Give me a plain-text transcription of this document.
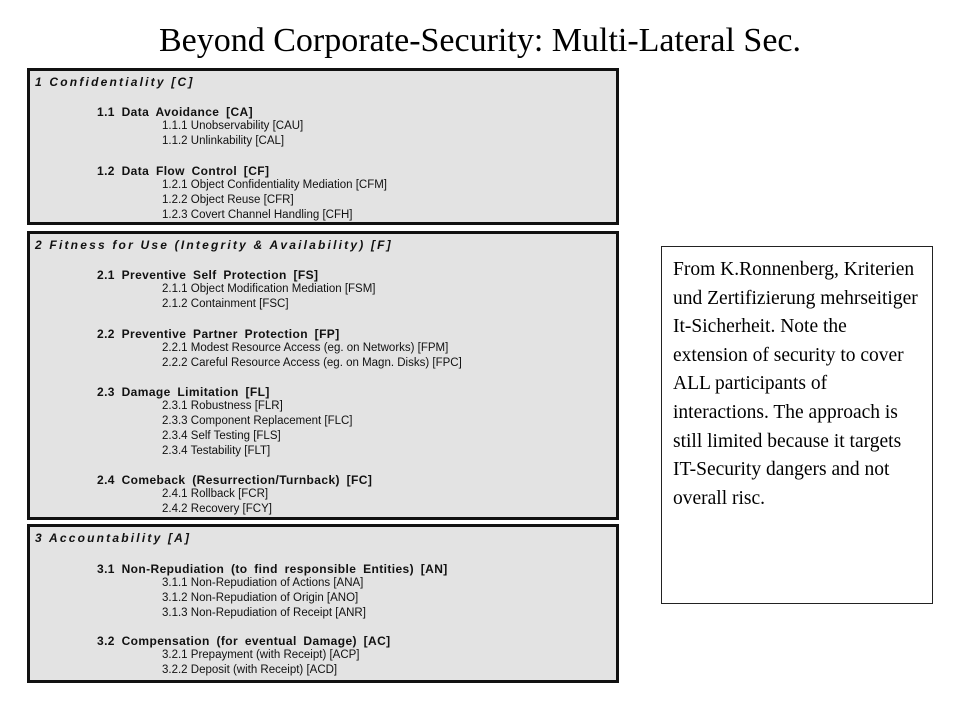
Beyond Corporate-Security: Multi-Lateral Sec.
1 Confidentiality [C]
1.1 Data Avoidance [CA]
1.1.1 Unobservability [CAU]
1.1.2 Unlinkability [CAL]
1.2 Data Flow Control [CF]
1.2.1 Object Confidentiality Mediation [CFM]
1.2.2 Object Reuse [CFR]
1.2.3 Covert Channel Handling [CFH]
2 Fitness for Use (Integrity & Availability) [F]
2.1 Preventive Self Protection [FS]
2.1.1 Object Modification Mediation [FSM]
2.1.2 Containment [FSC]
2.2 Preventive Partner Protection [FP]
2.2.1 Modest Resource Access (eg. on Networks) [FPM]
2.2.2 Careful Resource Access (eg. on Magn. Disks) [FPC]
2.3 Damage Limitation [FL]
2.3.1 Robustness [FLR]
2.3.3 Component Replacement [FLC]
2.3.4 Self Testing [FLS]
2.3.4 Testability [FLT]
2.4 Comeback (Resurrection/Turnback) [FC]
2.4.1 Rollback [FCR]
2.4.2 Recovery [FCY]
3 Accountability [A]
3.1 Non-Repudiation (to find responsible Entities) [AN]
3.1.1 Non-Repudiation of Actions [ANA]
3.1.2 Non-Repudiation of Origin [ANO]
3.1.3 Non-Repudiation of Receipt [ANR]
3.2 Compensation (for eventual Damage) [AC]
3.2.1 Prepayment (with Receipt) [ACP]
3.2.2 Deposit (with Receipt) [ACD]
From K.Ronnenberg, Kriterien und Zertifizierung mehrseitiger It-Sicherheit. Note the extension of security to cover ALL participants of interactions. The approach is still limited because it targets IT-Security dangers and not overall risc.
